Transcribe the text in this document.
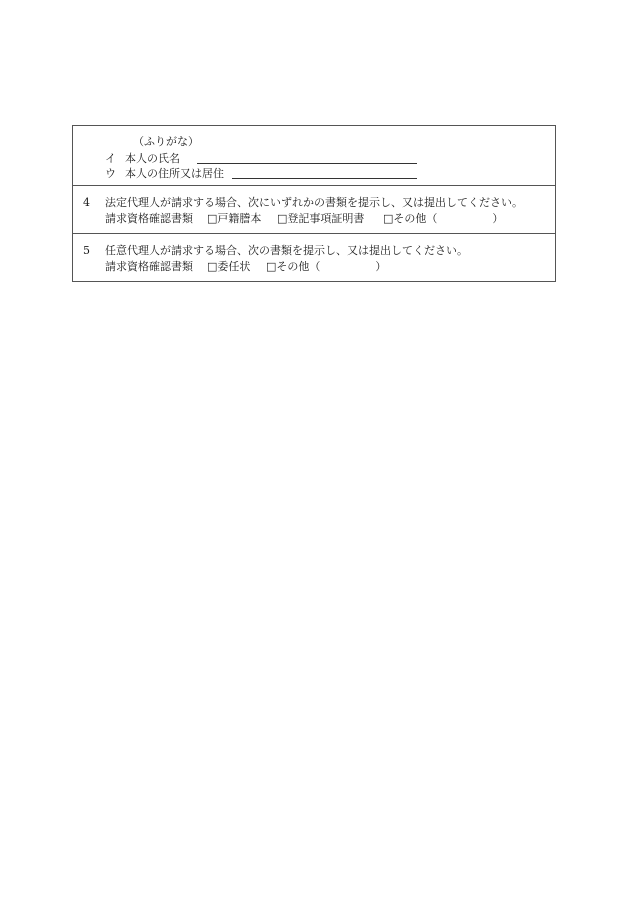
（ふりがな）
イ 本人の氏名
ウ 本人の住所又は居住
4 法定代理人が請求する場合、次にいずれかの書類を提示し、又は提出してください。
請求資格確認書類 □戸籍謄本 □登記事項証明書 □その他（　　　　　）
5 任意代理人が請求する場合、次の書類を提示し、又は提出してください。
請求資格確認書類 □委任状 □その他（　　　　　）
